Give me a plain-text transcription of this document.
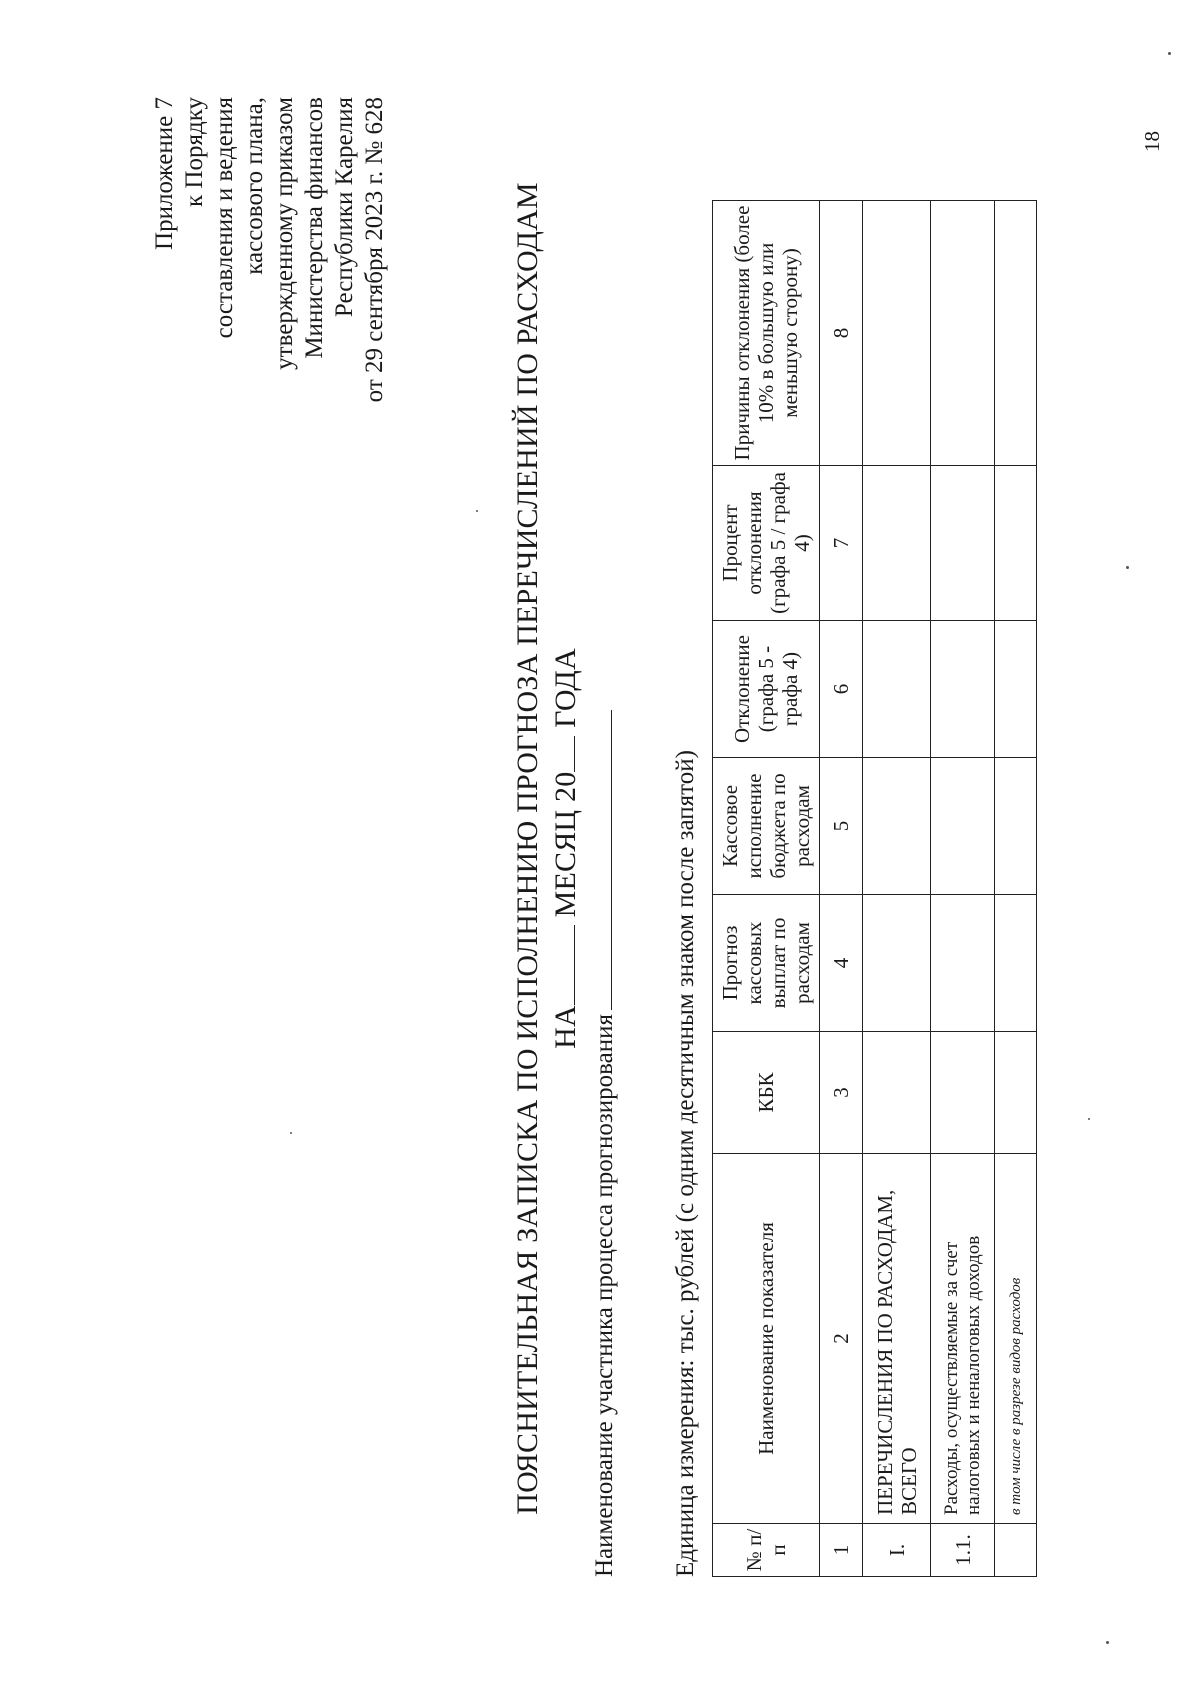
Приложение 7 к Порядку составления и ведения кассового плана, утвержденному приказом Министерства финансов Республики Карелия от 29 сентября 2023 г. № 628	ПОЯСНИТЕЛЬНАЯ ЗАПИСКА ПО ИСПОЛНЕНИЮ ПРОГНОЗА ПЕРЕЧИСЛЕНИЙ ПО РАСХОДАМ НА МЕСЯЦ 20 ГОДА
Наименование участника процесса прогнозирования Единица измерения: тыс. рублей (с одним десятичным знаком после запятой) № п/п	Наименование показателя	КБК	Прогноз кассовых выплат по расходам	Кассовое исполнение бюджета по расходам	Отклонение (графа 5 - графа 4)	Процент отклонения (графа 5 / графа 4)	Причины отклонения (более 10% в большую или меньшую сторону)
1	2	3	4	5	6	7	8
I.	ПЕРЕЧИСЛЕНИЯ ПО РАСХОДАМ, ВСЕГО						
1.1.	Расходы, осуществляемые за счет налоговых и неналоговых доходов						
	в том числе в разрезе видов расходов						
18
